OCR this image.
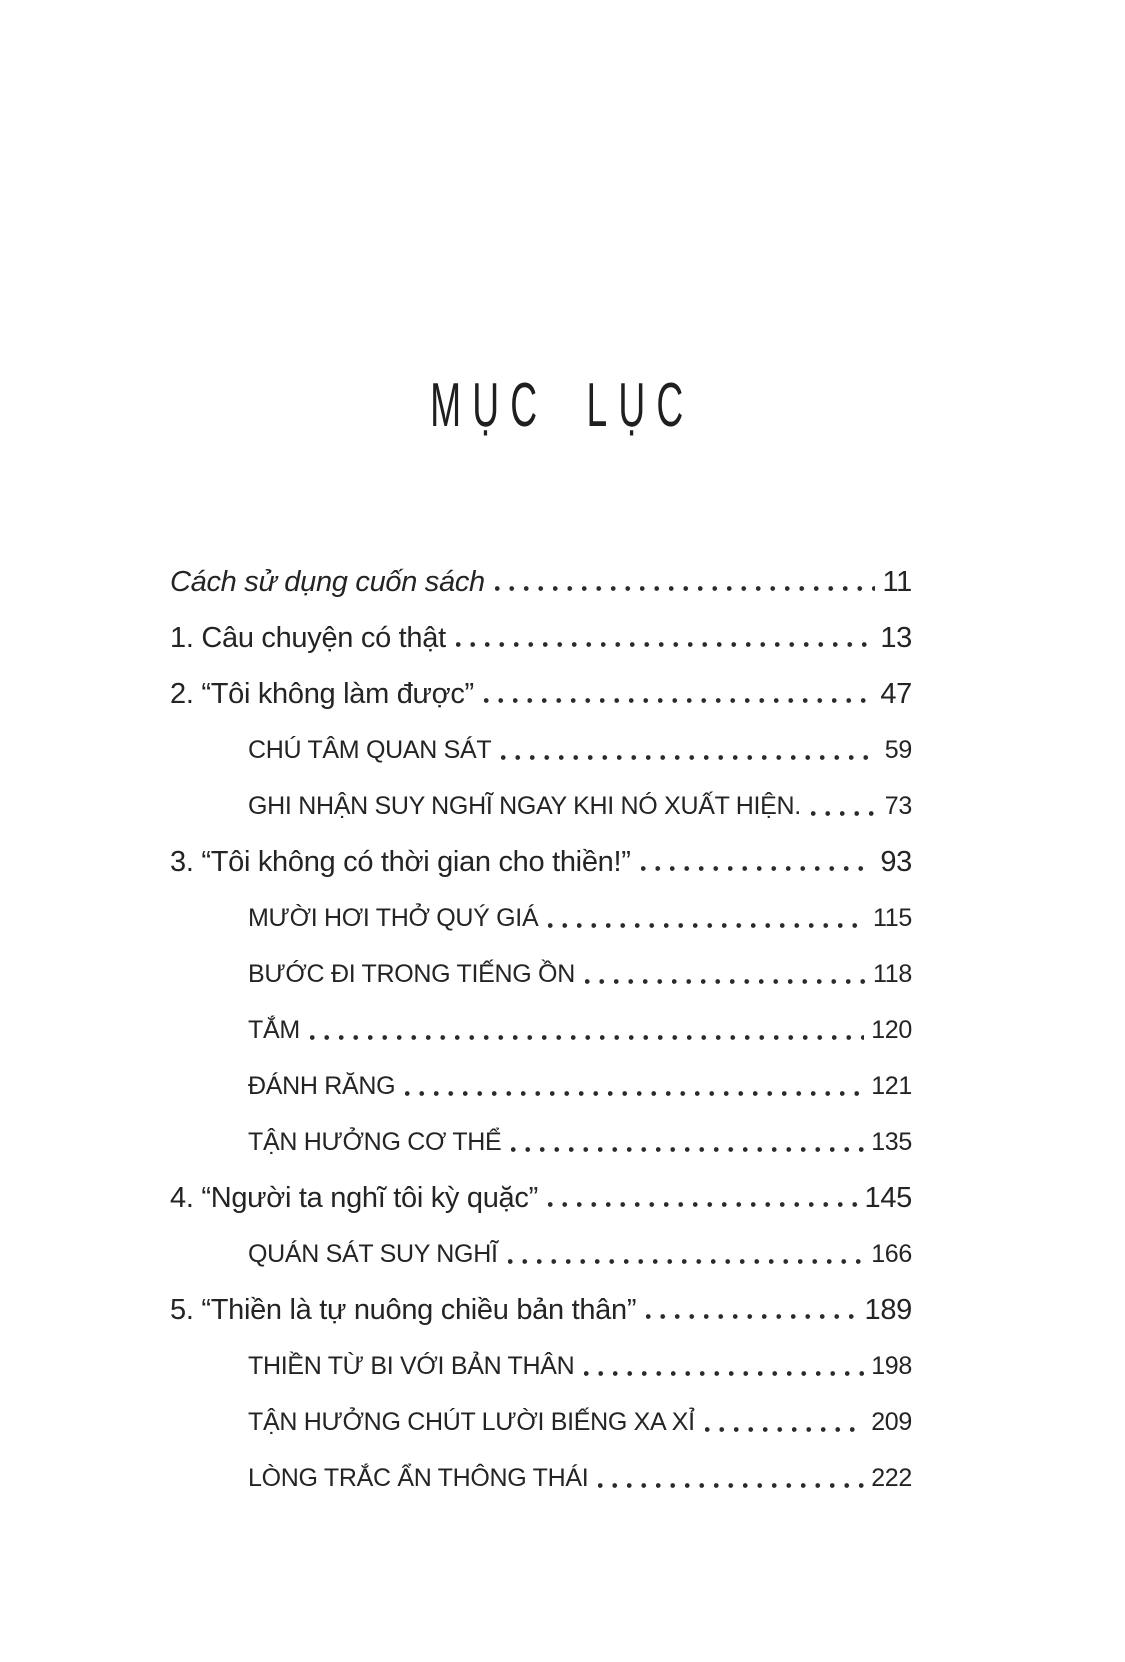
MỤC LỤC
Cách sử dụng cuốn sách	11
1. Câu chuyện có thật	13
2. “Tôi không làm được”	47
CHÚ TÂM QUAN SÁT	59
GHI NHẬN SUY NGHĨ NGAY KHI NÓ XUẤT HIỆN.	73
3. “Tôi không có thời gian cho thiền!”	93
MƯỜI HƠI THỞ QUÝ GIÁ	115
BƯỚC ĐI TRONG TIẾNG ỒN	118
TẮM	120
ĐÁNH RĂNG	121
TẬN HƯỞNG CƠ THỂ	135
4. “Người ta nghĩ tôi kỳ quặc”	145
QUÁN SÁT SUY NGHĨ	166
5. “Thiền là tự nuông chiều bản thân”	189
THIỀN TỪ BI VỚI BẢN THÂN	198
TẬN HƯỞNG CHÚT LƯỜI BIẾNG XA XỈ	209
LÒNG TRẮC ẨN THÔNG THÁI	222
